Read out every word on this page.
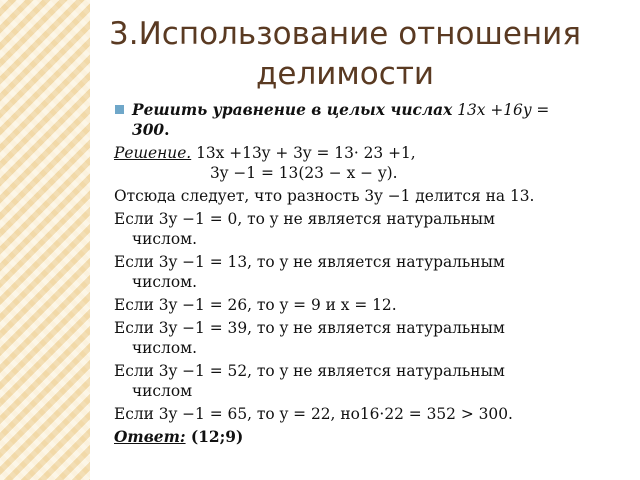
3.Использование отношения
делимости
Решить уравнение в целых числах 13x +16y =
300.
Решение. 13x +13y + 3y = 13· 23 +1,
3y −1 = 13(23 − x − y).
Отсюда следует, что разность 3y −1 делится на 13.
Если 3y −1 = 0, то y не является натуральным
числом.
Если 3y −1 = 13, то y не является натуральным
числом.
Если 3y −1 = 26, то y = 9 и x = 12.
Если 3y −1 = 39, то y не является натуральным
числом.
Если 3y −1 = 52, то y не является натуральным
числом
Если 3y −1 = 65, то y = 22, но16·22 = 352 > 300.
Ответ: (12;9)
